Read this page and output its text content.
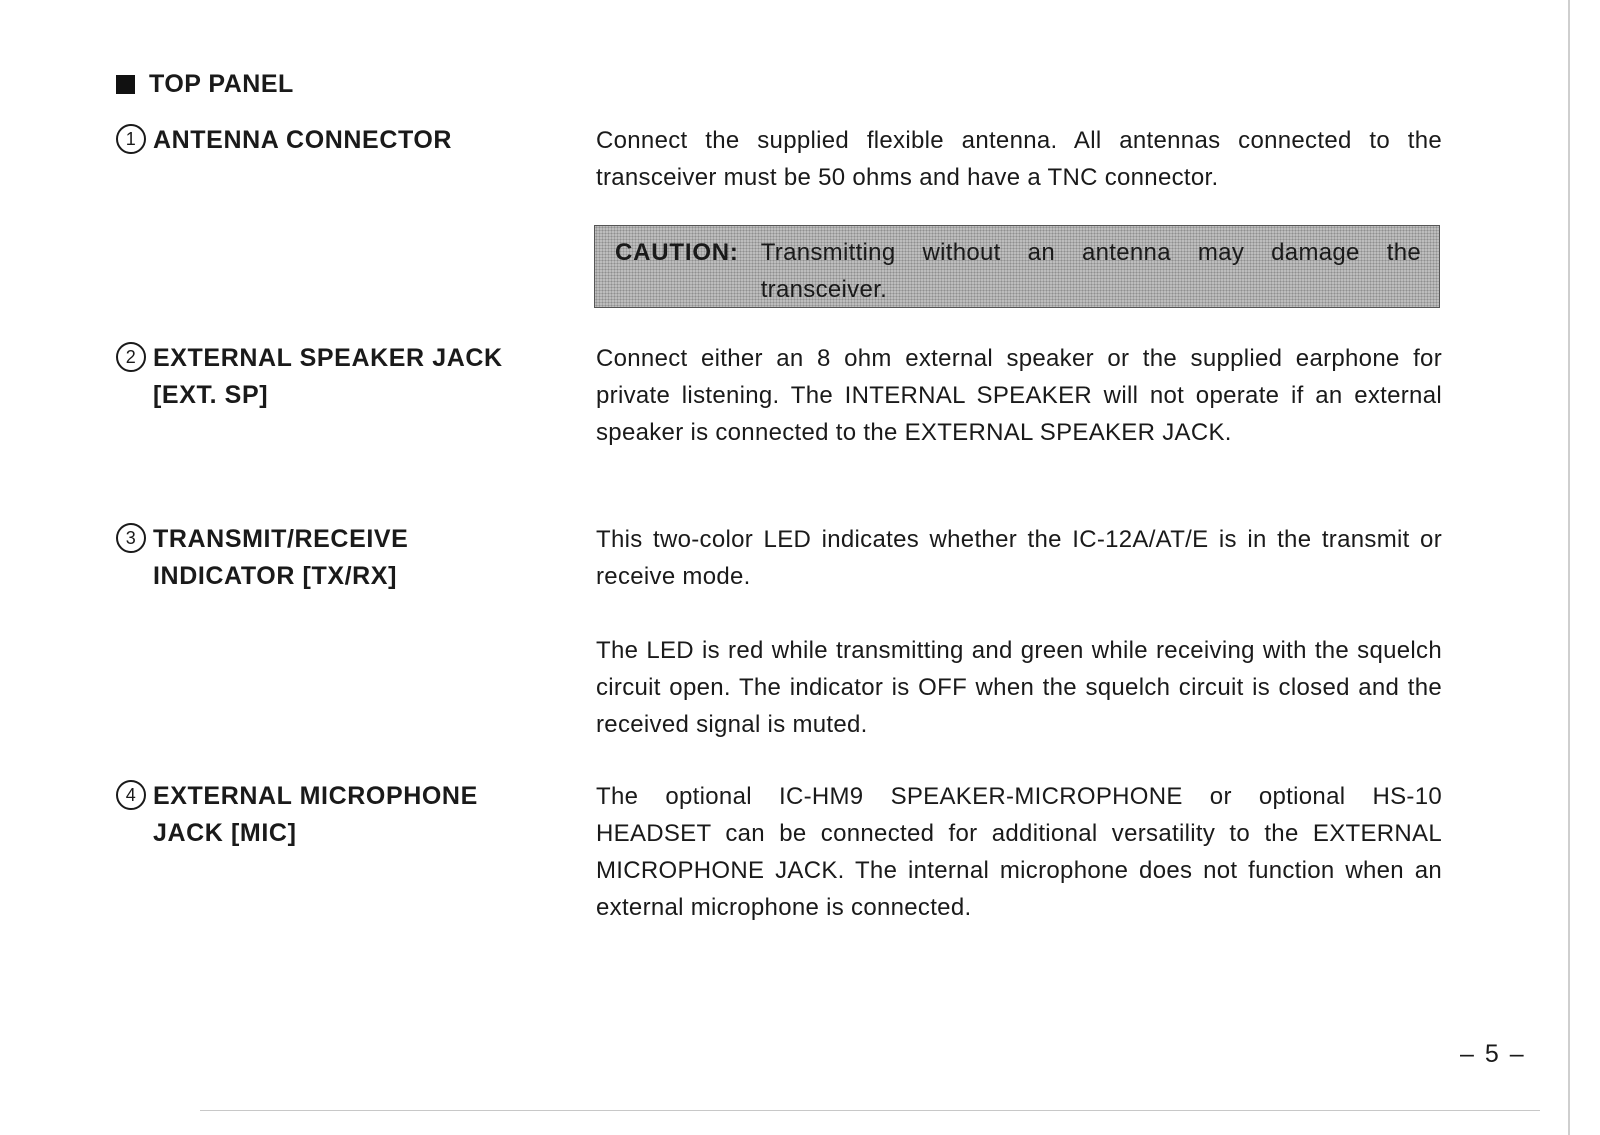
TOP PANEL
1 ANTENNA CONNECTOR	Connect the supplied flexible antenna. All antennas connected to the transceiver must be 50 ohms and have a TNC connector.
CAUTION: Transmitting without an antenna may damage the transceiver.
2 EXTERNAL SPEAKER JACK
[EXT. SP]
Connect either an 8 ohm external speaker or the supplied earphone for private listening. The INTERNAL SPEAKER will not operate if an external speaker is connected to the EXTERNAL SPEAKER JACK.
3 TRANSMIT/RECEIVE
INDICATOR [TX/RX]
This two-color LED indicates whether the IC-12A/AT/E is in the transmit or receive mode.
The LED is red while transmitting and green while receiving with the squelch circuit open. The indicator is OFF when the squelch circuit is closed and the received signal is muted.
4 EXTERNAL MICROPHONE
JACK [MIC]
The optional IC-HM9 SPEAKER-MICROPHONE or optional HS-10 HEADSET can be connected for additional versatility to the EXTERNAL MICROPHONE JACK. The internal microphone does not function when an external microphone is connected.
– 5 –
